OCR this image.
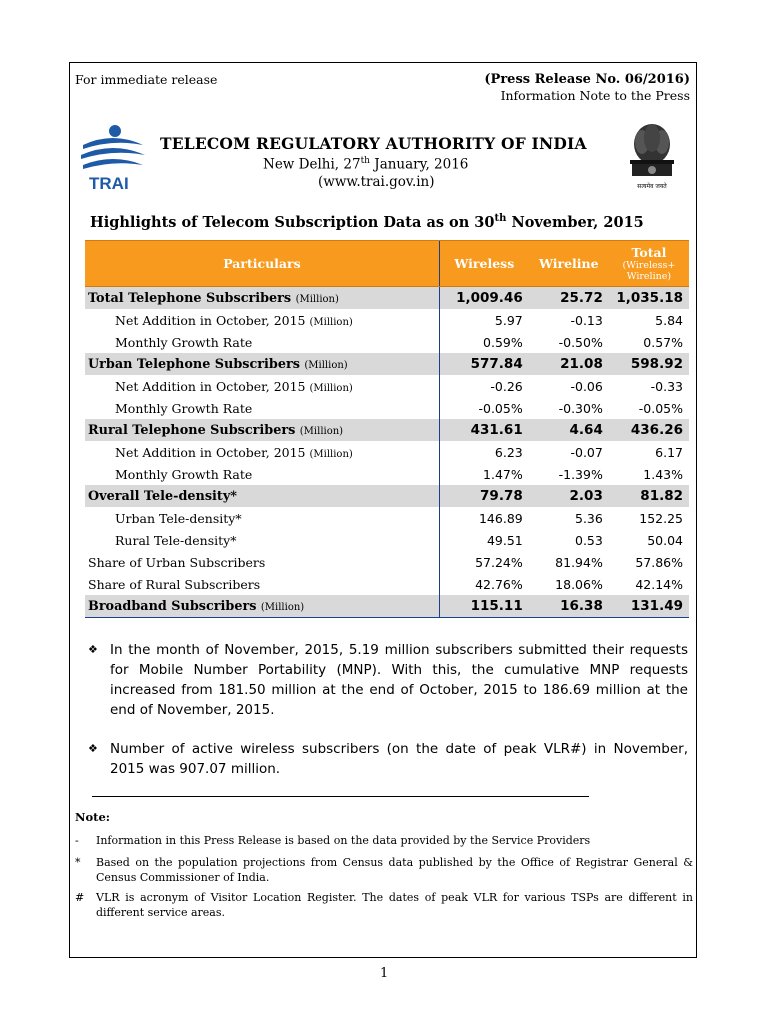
For immediate release	(Press Release No. 06/2016)
Information Note to the Press
TRAI
TELECOM REGULATORY AUTHORITY OF INDIA
New Delhi, 27th January, 2016
(www.trai.gov.in)	सत्यमेव जयते
Highlights of Telecom Subscription Data as on 30th November, 2015
Particulars	Wireless	Wireline	Total
(Wireless+ Wireline)

Total Telephone Subscribers (Million)	1,009.46	25.72	1,035.18
Net Addition in October, 2015 (Million)	5.97	-0.13	5.84
Monthly Growth Rate	0.59%	-0.50%	0.57%
Urban Telephone Subscribers (Million)	577.84	21.08	598.92
Net Addition in October, 2015 (Million)	-0.26	-0.06	-0.33
Monthly Growth Rate	-0.05%	-0.30%	-0.05%
Rural Telephone Subscribers (Million)	431.61	4.64	436.26
Net Addition in October, 2015 (Million)	6.23	-0.07	6.17
Monthly Growth Rate	1.47%	-1.39%	1.43%
Overall Tele-density*	79.78	2.03	81.82
Urban Tele-density*	146.89	5.36	152.25
Rural Tele-density*	49.51	0.53	50.04
Share of Urban Subscribers	57.24%	81.94%	57.86%
Share of Rural Subscribers	42.76%	18.06%	42.14%
Broadband Subscribers (Million)	115.11	16.38	131.49
❖ In the month of November, 2015, 5.19 million subscribers submitted their requests for Mobile Number Portability (MNP). With this, the cumulative MNP requests increased from 181.50 million at the end of October, 2015 to 186.69 million at the end of November, 2015.
❖ Number of active wireless subscribers (on the date of peak VLR#) in November, 2015 was 907.07 million.
Note:
- Information in this Press Release is based on the data provided by the Service Providers
* Based on the population projections from Census data published by the Office of Registrar General & Census Commissioner of India.
# VLR is acronym of Visitor Location Register. The dates of peak VLR for various TSPs are different in different service areas.
1
